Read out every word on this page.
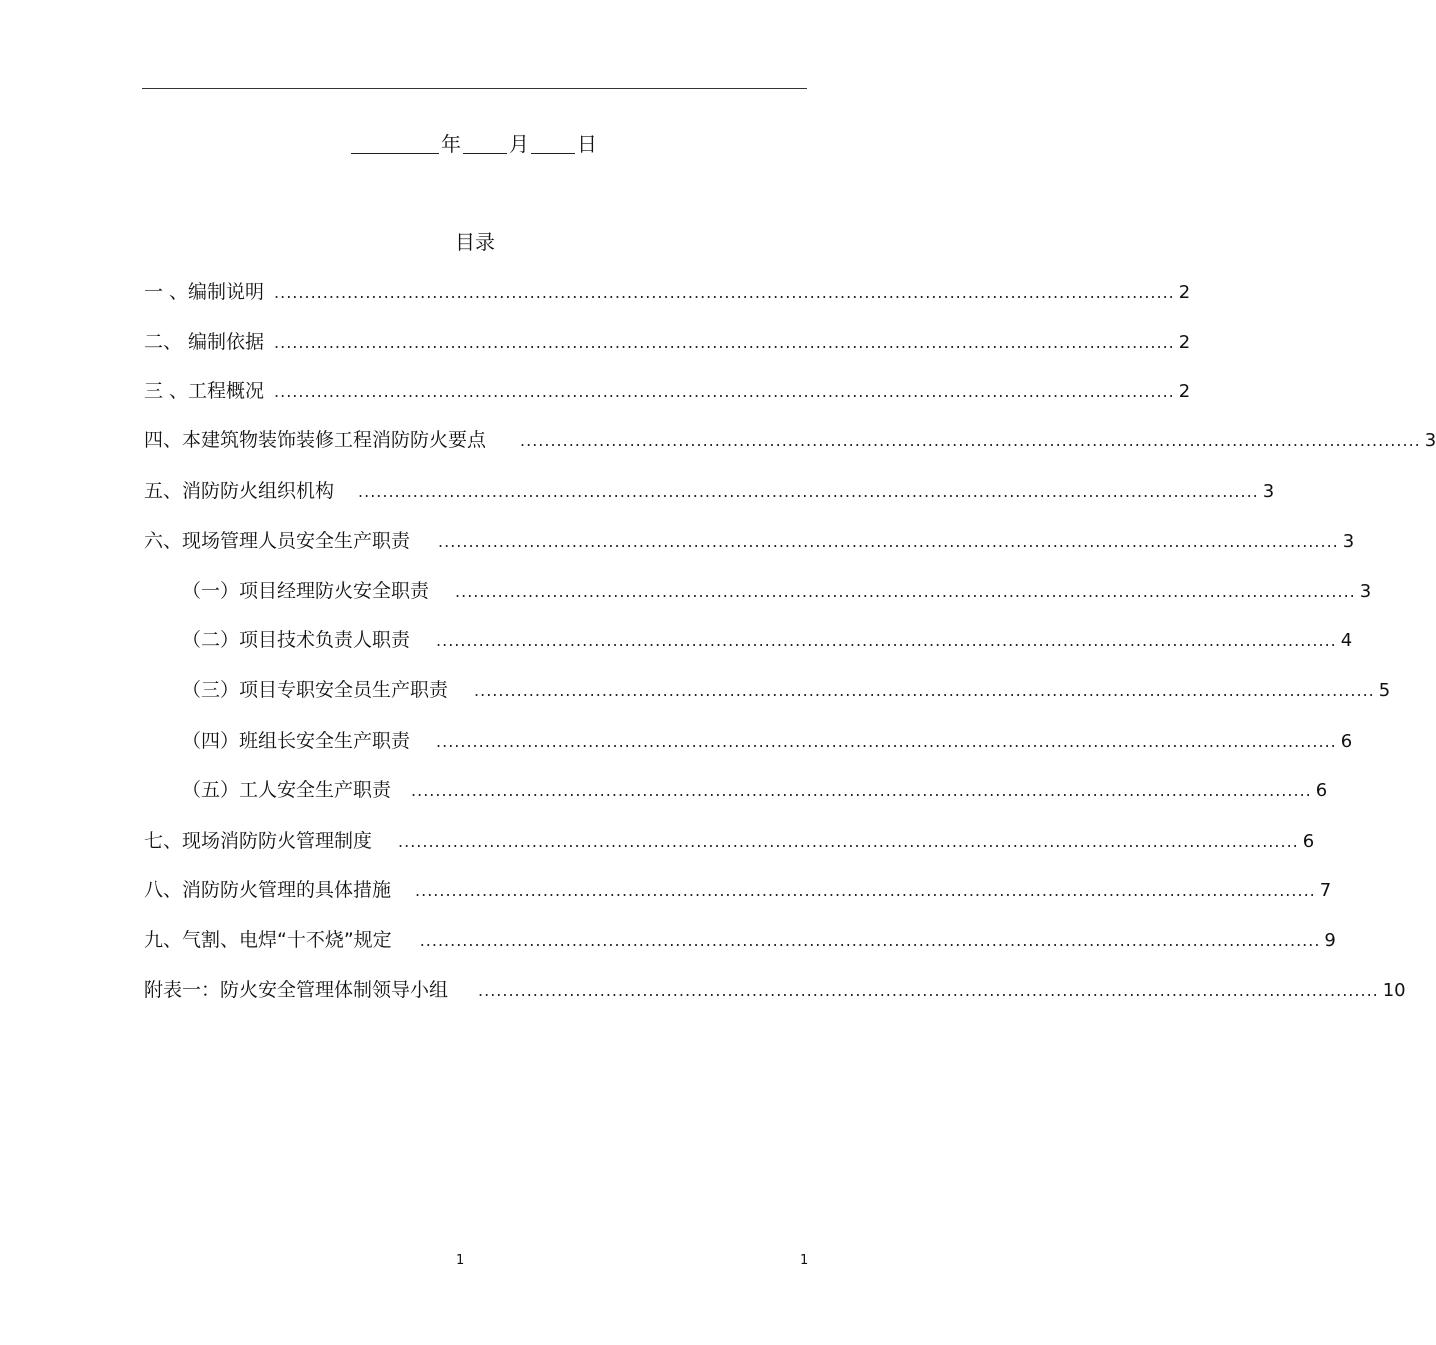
年 月 日
目录
一 、编制说明 .................................................................................................................................................... 2
二、 编制依据 .................................................................................................................................................... 2
三 、工程概况 .................................................................................................................................................... 2
四、本建筑物装饰装修工程消防防火要点 .................................................................................................................................................... 3
五、消防防火组织机构 .................................................................................................................................................... 3
六、现场管理人员安全生产职责 .................................................................................................................................................... 3
（一）项目经理防火安全职责 .................................................................................................................................................... 3
（二）项目技术负责人职责 .................................................................................................................................................... 4
（三）项目专职安全员生产职责 .................................................................................................................................................... 5
（四）班组长安全生产职责 .................................................................................................................................................... 6
（五）工人安全生产职责 .................................................................................................................................................... 6
七、现场消防防火管理制度 .................................................................................................................................................... 6
八、消防防火管理的具体措施 .................................................................................................................................................... 7
九、气割、电焊“十不烧”规定 .................................................................................................................................................... 9
附表一：防火安全管理体制领导小组 .................................................................................................................................................... 10
1	1
